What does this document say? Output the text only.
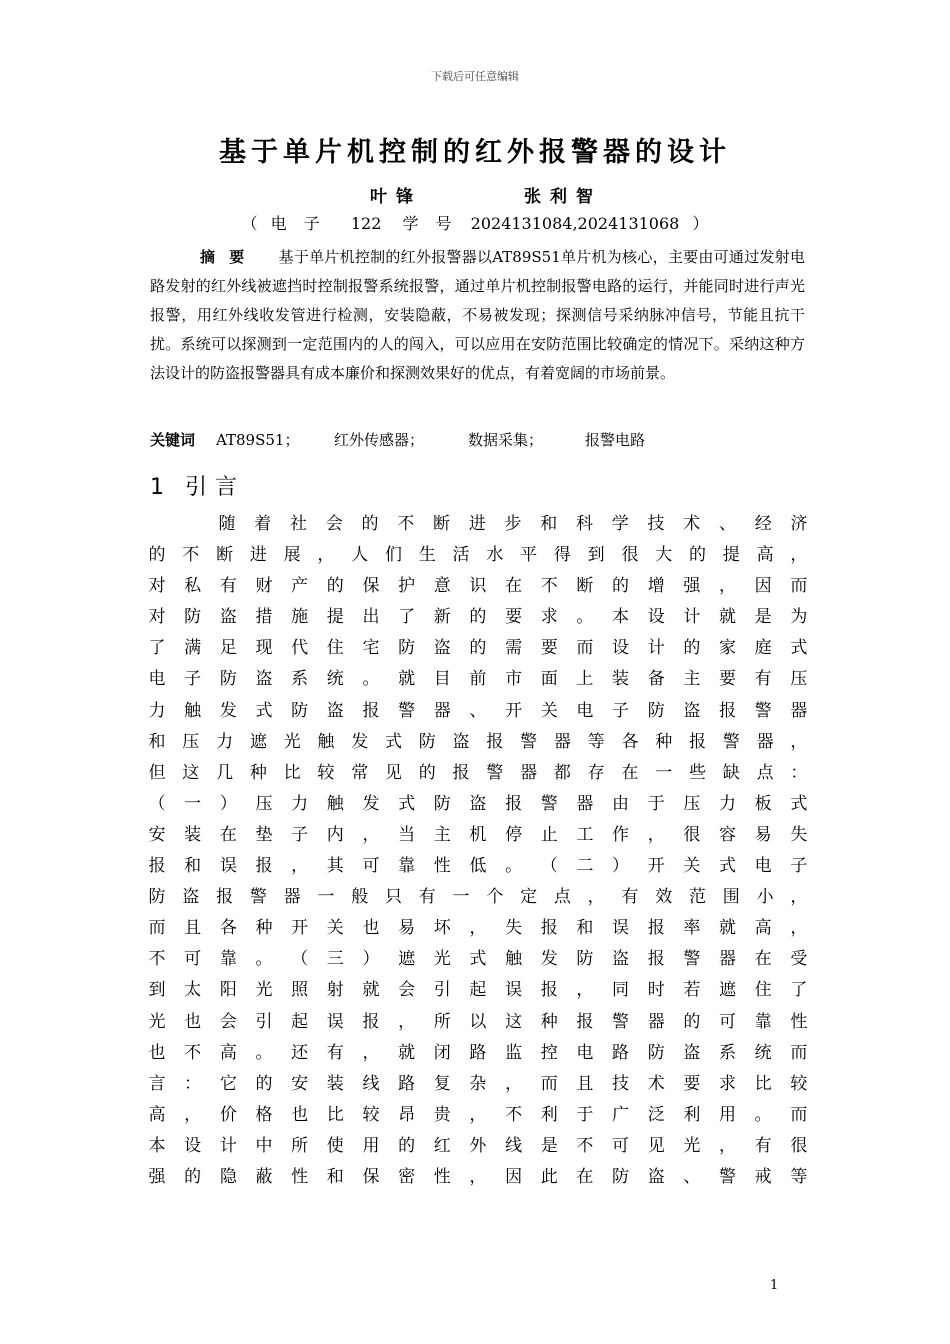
下载后可任意编辑
基于单片机控制的红外报警器的设计
叶锋	张利智
（ 电 子 122 学 号 2024131084,2024131068 ）
摘要 基于单片机控制的红外报警器以AT89S51单片机为核心，主要由可通过发射电路发射的红外线被遮挡时控制报警系统报警，通过单片机控制报警电路的运行，并能同时进行声光报警，用红外线收发管进行检测，安装隐蔽，不易被发现；探测信号采纳脉冲信号，节能且抗干扰。系统可以探测到一定范围内的人的闯入，可以应用在安防范围比较确定的情况下。采纳这种方法设计的防盗报警器具有成本廉价和探测效果好的优点，有着宽阔的市场前景。
关键词 AT89S51； 红外传感器；	数据采集；	报警电路
1 引言
随 着 社 会 的 不 断 进 步 和 科 学 技 术 、 经 济
的 不 断 进 展 ， 人 们 生 活 水 平 得 到 很 大 的 提 高 ，
对 私 有 财 产 的 保 护 意 识 在 不 断 的 增 强 ， 因 而
对 防 盗 措 施 提 出 了 新 的 要 求 。 本 设 计 就 是 为
了 满 足 现 代 住 宅 防 盗 的 需 要 而 设 计 的 家 庭 式
电 子 防 盗 系 统 。 就 目 前 市 面 上 装 备 主 要 有 压
力 触 发 式 防 盗 报 警 器 、 开 关 电 子 防 盗 报 警 器
和 压 力 遮 光 触 发 式 防 盗 报 警 器 等 各 种 报 警 器 ，
但 这 几 种 比 较 常 见 的 报 警 器 都 存 在 一 些 缺 点 ：
（ 一 ） 压 力 触 发 式 防 盗 报 警 器 由 于 压 力 板 式
安 装 在 垫 子 内 ， 当 主 机 停 止 工 作 ， 很 容 易 失
报 和 误 报 ， 其 可 靠 性 低 。 （ 二 ） 开 关 式 电 子
防 盗 报 警 器 一 般 只 有 一 个 定 点 ， 有 效 范 围 小 ，
而 且 各 种 开 关 也 易 坏 ， 失 报 和 误 报 率 就 高 ，
不 可 靠 。 （ 三 ） 遮 光 式 触 发 防 盗 报 警 器 在 受
到 太 阳 光 照 射 就 会 引 起 误 报 ， 同 时 若 遮 住 了
光 也 会 引 起 误 报 ， 所 以 这 种 报 警 器 的 可 靠 性
也 不 高 。 还 有 ， 就 闭 路 监 控 电 路 防 盗 系 统 而
言 ： 它 的 安 装 线 路 复 杂 ， 而 且 技 术 要 求 比 较
高 ， 价 格 也 比 较 昂 贵 ， 不 利 于 广 泛 利 用 。 而
本 设 计 中 所 使 用 的 红 外 线 是 不 可 见 光 ， 有 很
强 的 隐 蔽 性 和 保 密 性 ， 因 此 在 防 盗 、 警 戒 等
1
